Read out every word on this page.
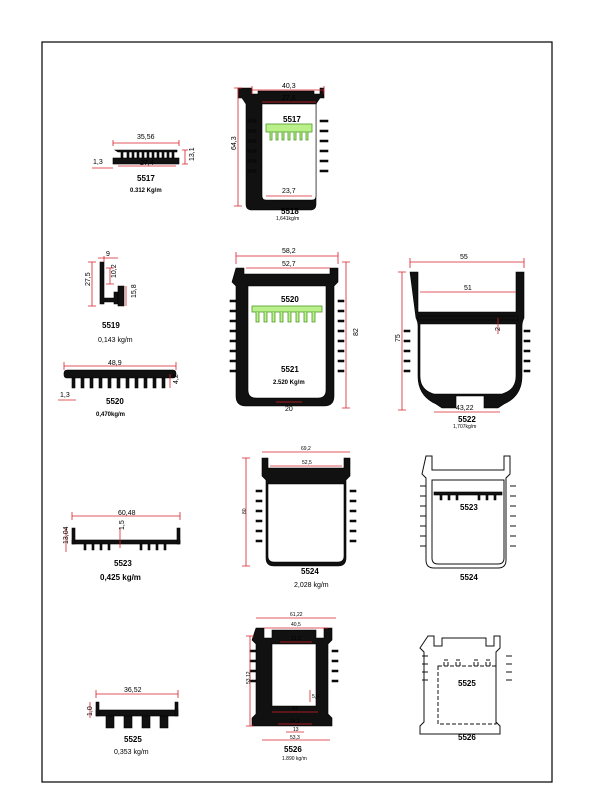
35,56
27,4
1,3
13,1
5517
0.312 Kg/m
40,3
27,6
64,3
23,7
5517
5518
1,641kg/m
9
10,2
27,5
15,8
5519
0,143 kg/m
48,9
1,3
4,2
5520
0,470kg/m
58,2
52,7
82
20
5520
5521
2.520 Kg/m
55
51
75
2
43,22
5522
1,707kg/m
60,48
13,04
1,5
5523
0,425 kg/m
69,2
52,5
80
5524
2,028 kg/m
5523
5524
36,52
1,0
5525
0,353 kg/m
61,22
40,5
31,3
53,12
5,9
43
24,2
13
53,3
5526
1.890 kg/m
5525
5526
